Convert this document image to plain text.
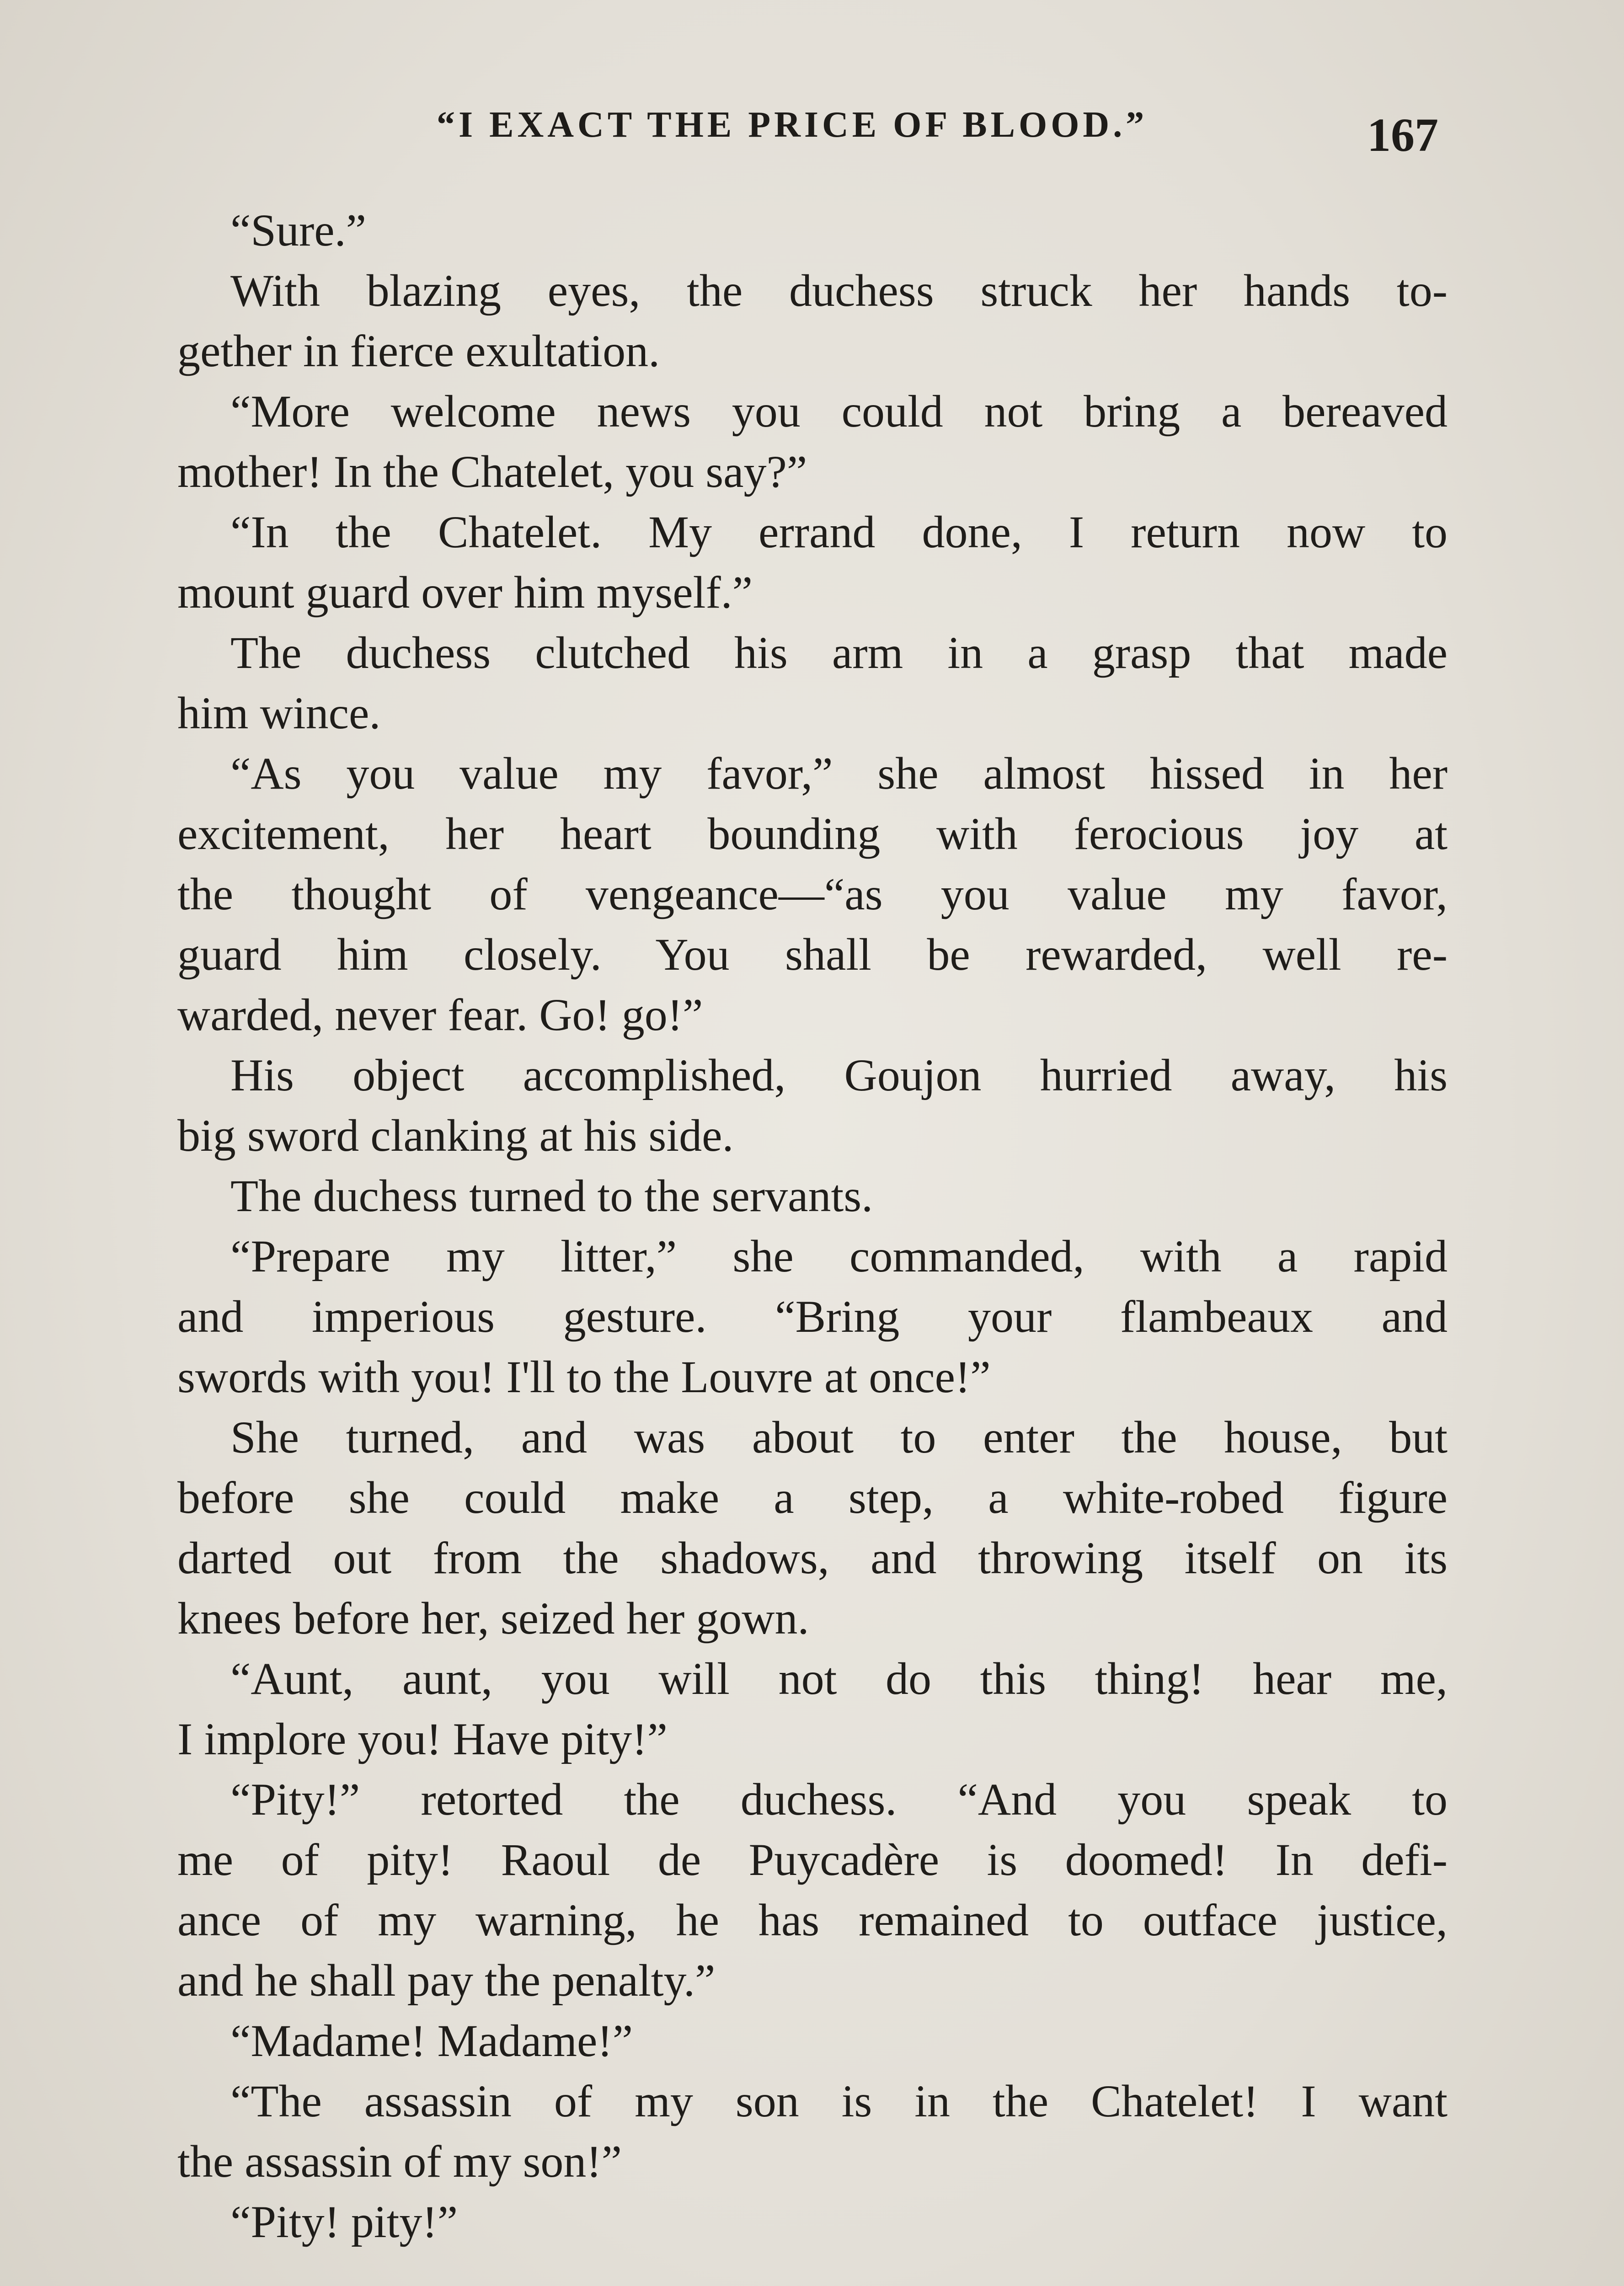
“I EXACT THE PRICE OF BLOOD.”	167
“Sure.”
With blazing eyes, the duchess struck her hands to-
gether in fierce exultation.
“More welcome news you could not bring a bereaved
mother! In the Chatelet, you say?”
“In the Chatelet. My errand done, I return now to
mount guard over him myself.”
The duchess clutched his arm in a grasp that made
him wince.
“As you value my favor,” she almost hissed in her
excitement, her heart bounding with ferocious joy at
the thought of vengeance—“as you value my favor,
guard him closely. You shall be rewarded, well re-
warded, never fear. Go! go!”
His object accomplished, Goujon hurried away, his
big sword clanking at his side.
The duchess turned to the servants.
“Prepare my litter,” she commanded, with a rapid
and imperious gesture. “Bring your flambeaux and
swords with you! I'll to the Louvre at once!”
She turned, and was about to enter the house, but
before she could make a step, a white-robed figure
darted out from the shadows, and throwing itself on its
knees before her, seized her gown.
“Aunt, aunt, you will not do this thing! hear me,
I implore you! Have pity!”
“Pity!” retorted the duchess. “And you speak to
me of pity! Raoul de Puycadère is doomed! In defi-
ance of my warning, he has remained to outface justice,
and he shall pay the penalty.”
“Madame! Madame!”
“The assassin of my son is in the Chatelet! I want
the assassin of my son!”
“Pity! pity!”
